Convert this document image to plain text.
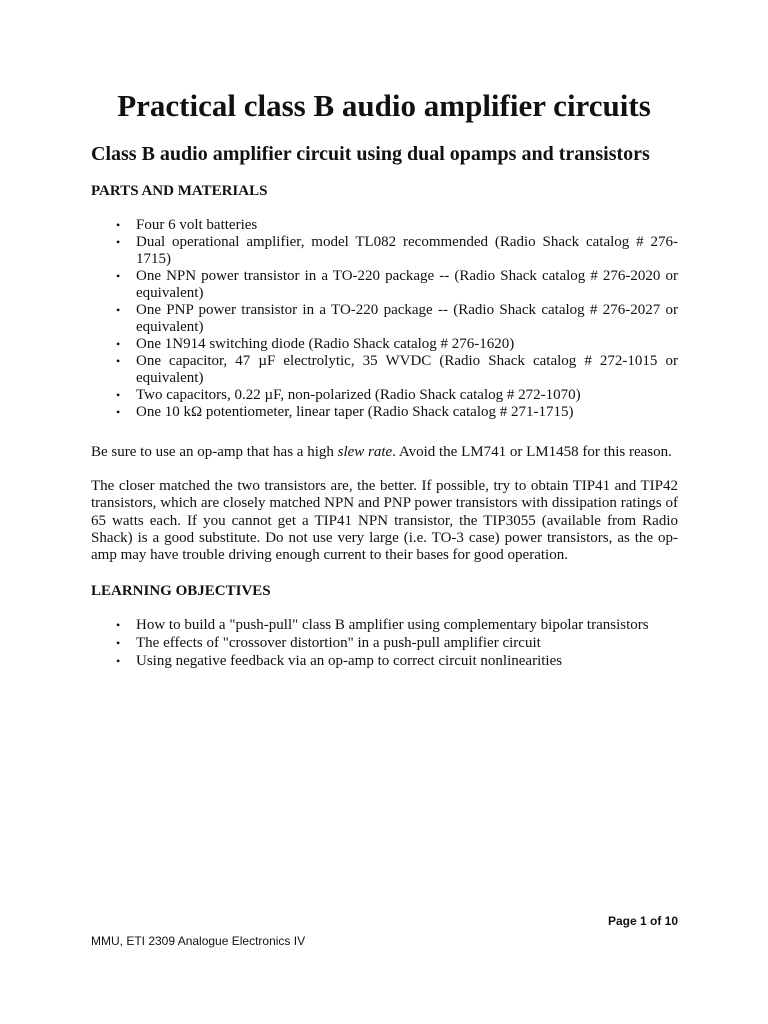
Practical class B audio amplifier circuits
Class B audio amplifier circuit using dual opamps and transistors
PARTS AND MATERIALS
• Four 6 volt batteries
• Dual operational amplifier, model TL082 recommended (Radio Shack catalog # 276-1715)
• One NPN power transistor in a TO-220 package -- (Radio Shack catalog # 276-2020 or equivalent)
• One PNP power transistor in a TO-220 package -- (Radio Shack catalog # 276-2027 or equivalent)
• One 1N914 switching diode (Radio Shack catalog # 276-1620)
• One capacitor, 47 µF electrolytic, 35 WVDC (Radio Shack catalog # 272-1015 or equivalent)
• Two capacitors, 0.22 µF, non-polarized (Radio Shack catalog # 272-1070)
• One 10 kΩ potentiometer, linear taper (Radio Shack catalog # 271-1715)

Be sure to use an op-amp that has a high slew rate. Avoid the LM741 or LM1458 for this reason.

The closer matched the two transistors are, the better. If possible, try to obtain TIP41 and TIP42 transistors, which are closely matched NPN and PNP power transistors with dissipation ratings of 65 watts each. If you cannot get a TIP41 NPN transistor, the TIP3055 (available from Radio Shack) is a good substitute. Do not use very large (i.e. TO-3 case) power transistors, as the op-amp may have trouble driving enough current to their bases for good operation.

LEARNING OBJECTIVES
• How to build a "push-pull" class B amplifier using complementary bipolar transistors
• The effects of "crossover distortion" in a push-pull amplifier circuit
• Using negative feedback via an op-amp to correct circuit nonlinearities
Page 1 of 10
MMU, ETI 2309 Analogue Electronics IV
